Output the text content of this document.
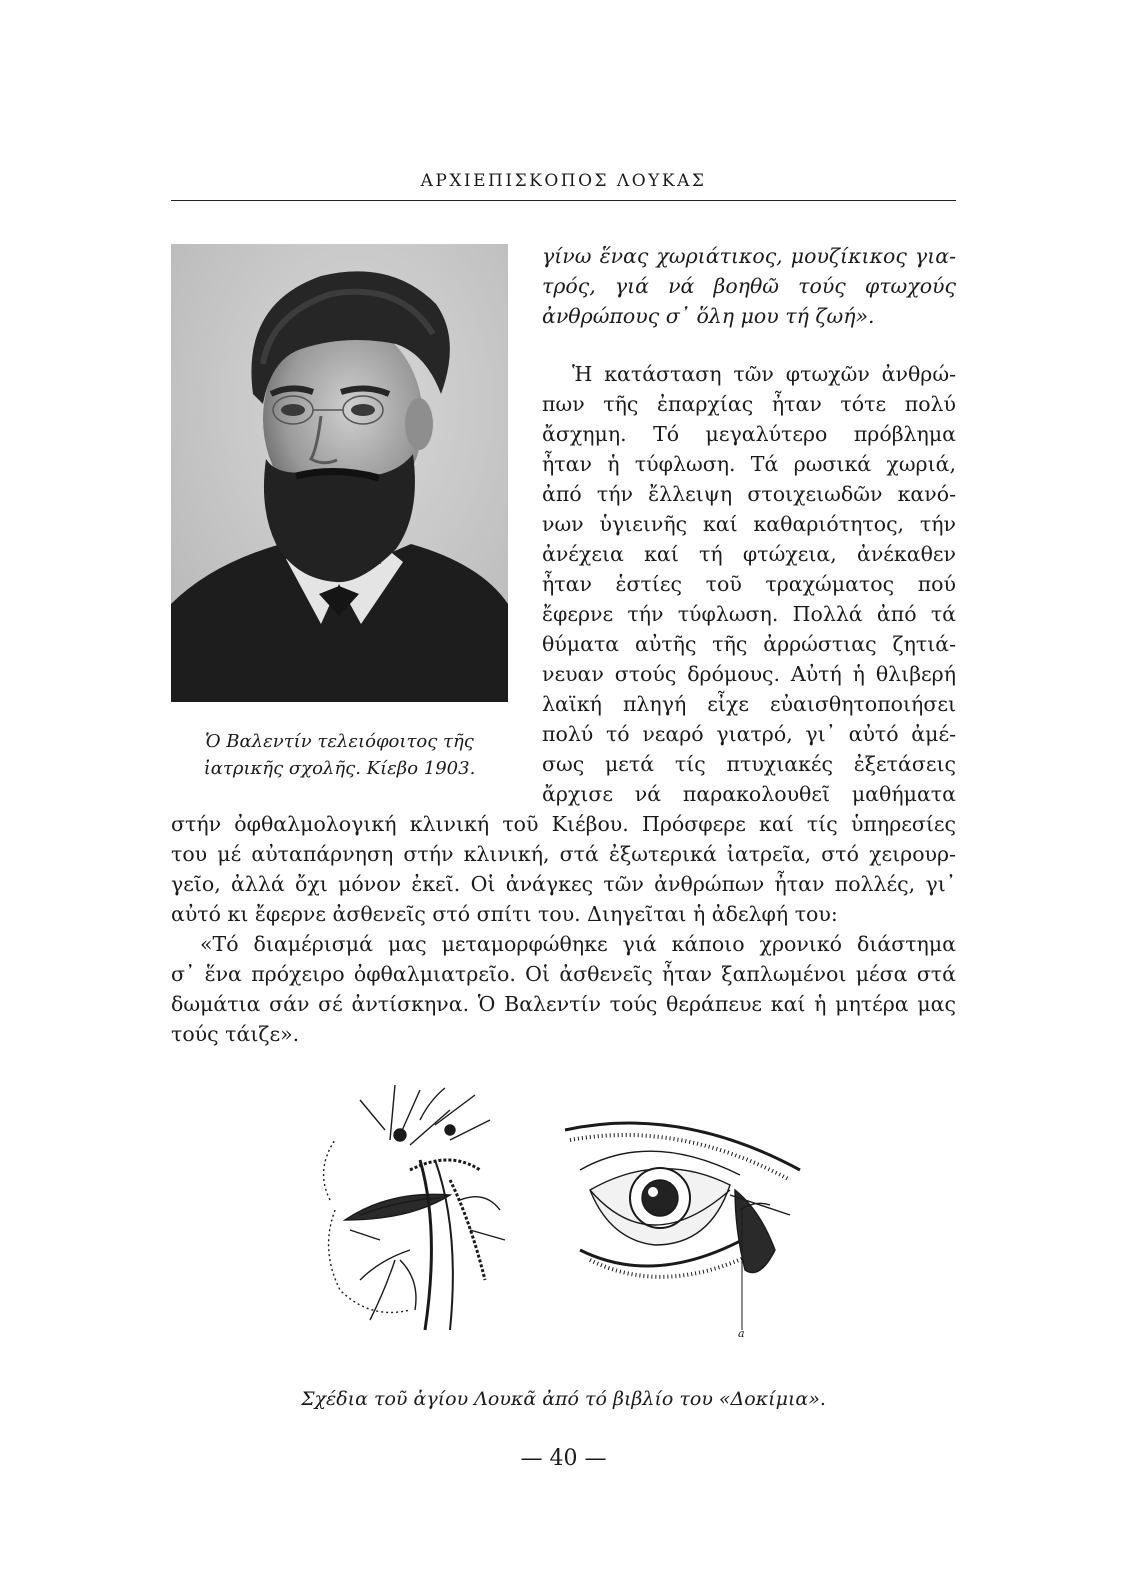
ΑΡΧΙΕΠΙΣΚΟΠΟΣ ΛΟΥΚΑΣ
Ὁ Βαλεντίν τελειόφοιτος τῆς
ἰατρικῆς σχολῆς. Κίεβο 1903.
γίνω ἕνας χωριάτικος, μουζίκικος για-
τρός, γιά νά βοηθῶ τούς φτωχούς
ἀνθρώπους σ᾽ ὅλη μου τή ζωή».
Ἡ κατάσταση τῶν φτωχῶν ἀνθρώ-
πων τῆς ἐπαρχίας ἦταν τότε πολύ
ἄσχημη. Τό μεγαλύτερο πρόβλημα
ἦταν ἡ τύφλωση. Τά ρωσικά χωριά,
ἀπό τήν ἔλλειψη στοιχειωδῶν κανό-
νων ὑγιεινῆς καί καθαριότητος, τήν
ἀνέχεια καί τή φτώχεια, ἀνέκαθεν
ἦταν ἑστίες τοῦ τραχώματος πού
ἔφερνε τήν τύφλωση. Πολλά ἀπό τά
θύματα αὐτῆς τῆς ἀρρώστιας ζητιά-
νευαν στούς δρόμους. Αὐτή ἡ θλιβερή
λαϊκή πληγή εἶχε εὐαισθητοποιήσει
πολύ τό νεαρό γιατρό, γι᾽ αὐτό ἀμέ-
σως μετά τίς πτυχιακές ἐξετάσεις
ἄρχισε νά παρακολουθεῖ μαθήματα
στήν ὀφθαλμολογική κλινική τοῦ Κιέβου. Πρόσφερε καί τίς ὑπηρεσίες
του μέ αὐταπάρνηση στήν κλινική, στά ἐξωτερικά ἰατρεῖα, στό χειρουρ-
γεῖο, ἀλλά ὄχι μόνον ἐκεῖ. Οἱ ἀνάγκες τῶν ἀνθρώπων ἦταν πολλές, γι᾽
αὐτό κι ἔφερνε ἀσθενεῖς στό σπίτι του. Διηγεῖται ἡ ἀδελφή του:
«Τό διαμέρισμά μας μεταμορφώθηκε γιά κάποιο χρονικό διάστημα
σ᾽ ἕνα πρόχειρο ὀφθαλμιατρεῖο. Οἱ ἀσθενεῖς ἦταν ξαπλωμένοι μέσα στά
δωμάτια σάν σέ ἀντίσκηνα. Ὁ Βαλεντίν τούς θεράπευε καί ἡ μητέρα μας
τούς τάιζε».
a
Σχέδια τοῦ ἁγίου Λουκᾶ ἀπό τό βιβλίο του «Δοκίμια».
— 40 —
